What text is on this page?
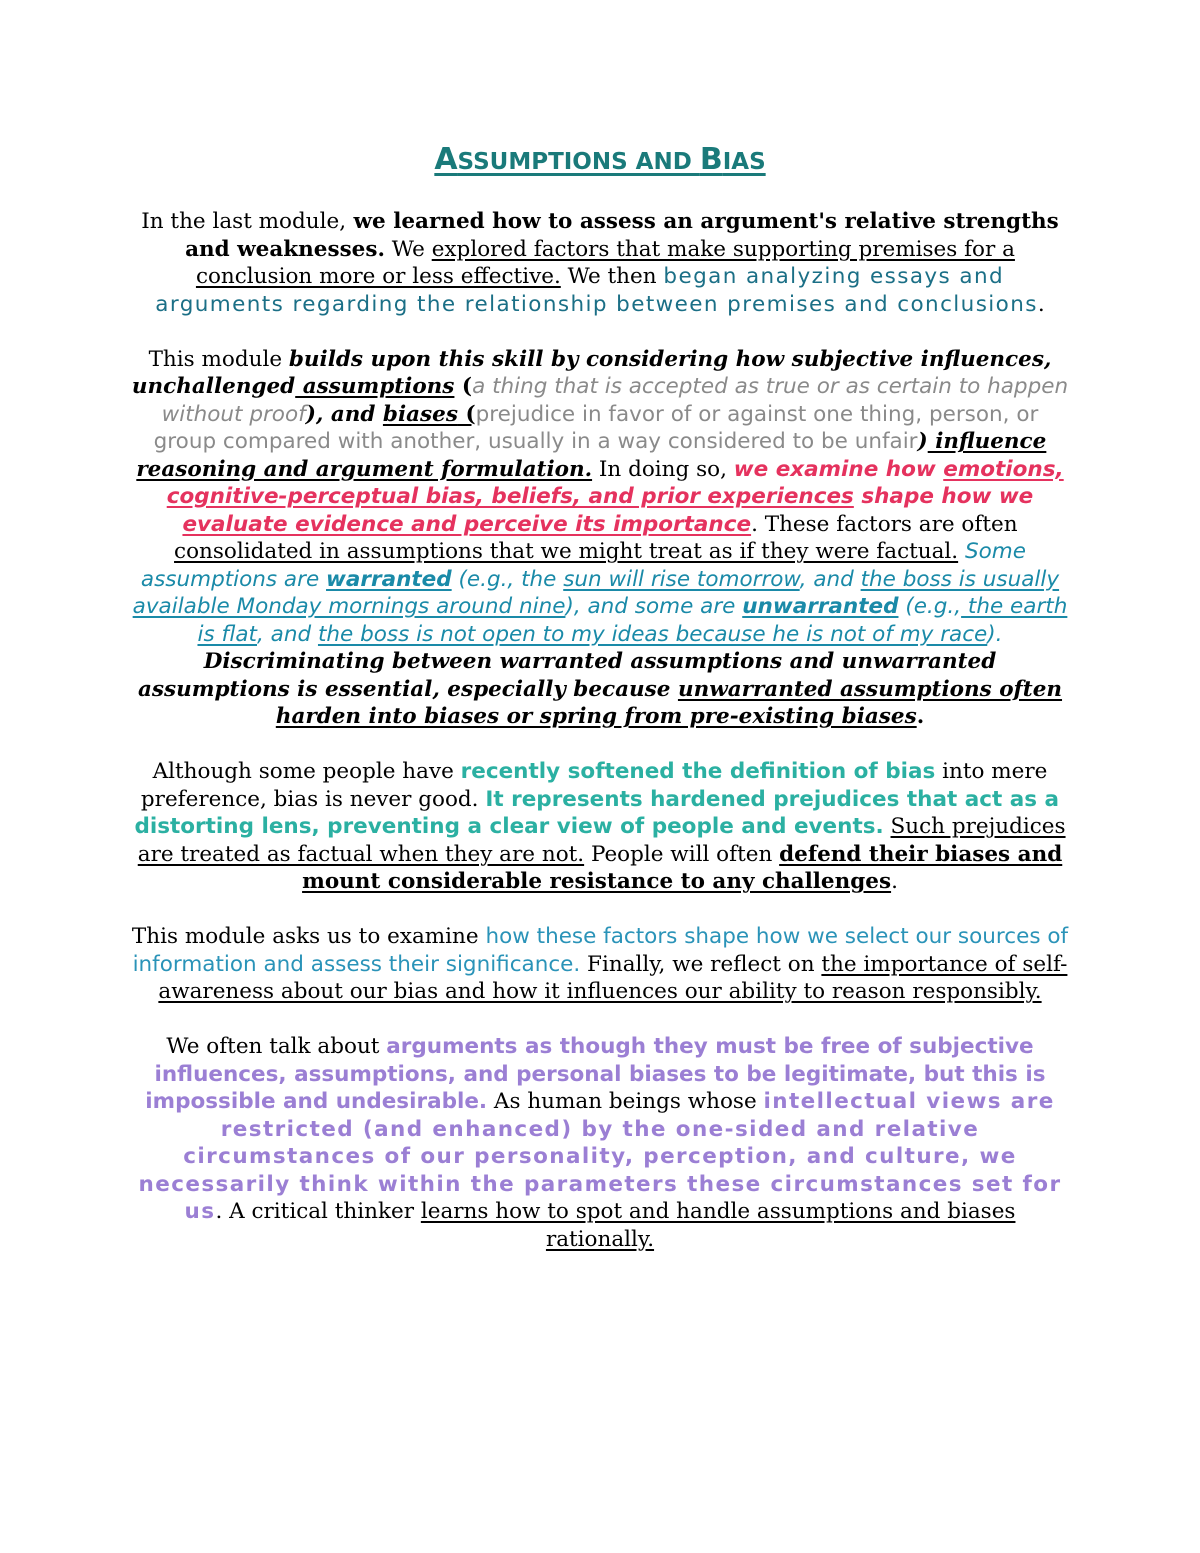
ASSUMPTIONS AND BIAS

In the last module, we learned how to assess an argument's relative strengths and weaknesses. We explored factors that make supporting premises for a conclusion more or less effective. We then began analyzing essays and arguments regarding the relationship between premises and conclusions.

This module builds upon this skill by considering how subjective influences, unchallenged assumptions (a thing that is accepted as true or as certain to happen without proof), and biases (prejudice in favor of or against one thing, person, or group compared with another, usually in a way considered to be unfair) influence reasoning and argument formulation. In doing so, we examine how emotions, cognitive-perceptual bias, beliefs, and prior experiences shape how we evaluate evidence and perceive its importance. These factors are often consolidated in assumptions that we might treat as if they were factual. Some assumptions are warranted (e.g., the sun will rise tomorrow, and the boss is usually available Monday mornings around nine), and some are unwarranted (e.g., the earth is flat, and the boss is not open to my ideas because he is not of my race). Discriminating between warranted assumptions and unwarranted assumptions is essential, especially because unwarranted assumptions often harden into biases or spring from pre-existing biases.

Although some people have recently softened the definition of bias into mere preference, bias is never good. It represents hardened prejudices that act as a distorting lens, preventing a clear view of people and events. Such prejudices are treated as factual when they are not. People will often defend their biases and mount considerable resistance to any challenges.

This module asks us to examine how these factors shape how we select our sources of information and assess their significance. Finally, we reflect on the importance of self-awareness about our bias and how it influences our ability to reason responsibly.

We often talk about arguments as though they must be free of subjective influences, assumptions, and personal biases to be legitimate, but this is impossible and undesirable. As human beings whose intellectual views are restricted (and enhanced) by the one-sided and relative circumstances of our personality, perception, and culture, we necessarily think within the parameters these circumstances set for us. A critical thinker learns how to spot and handle assumptions and biases rationally.
